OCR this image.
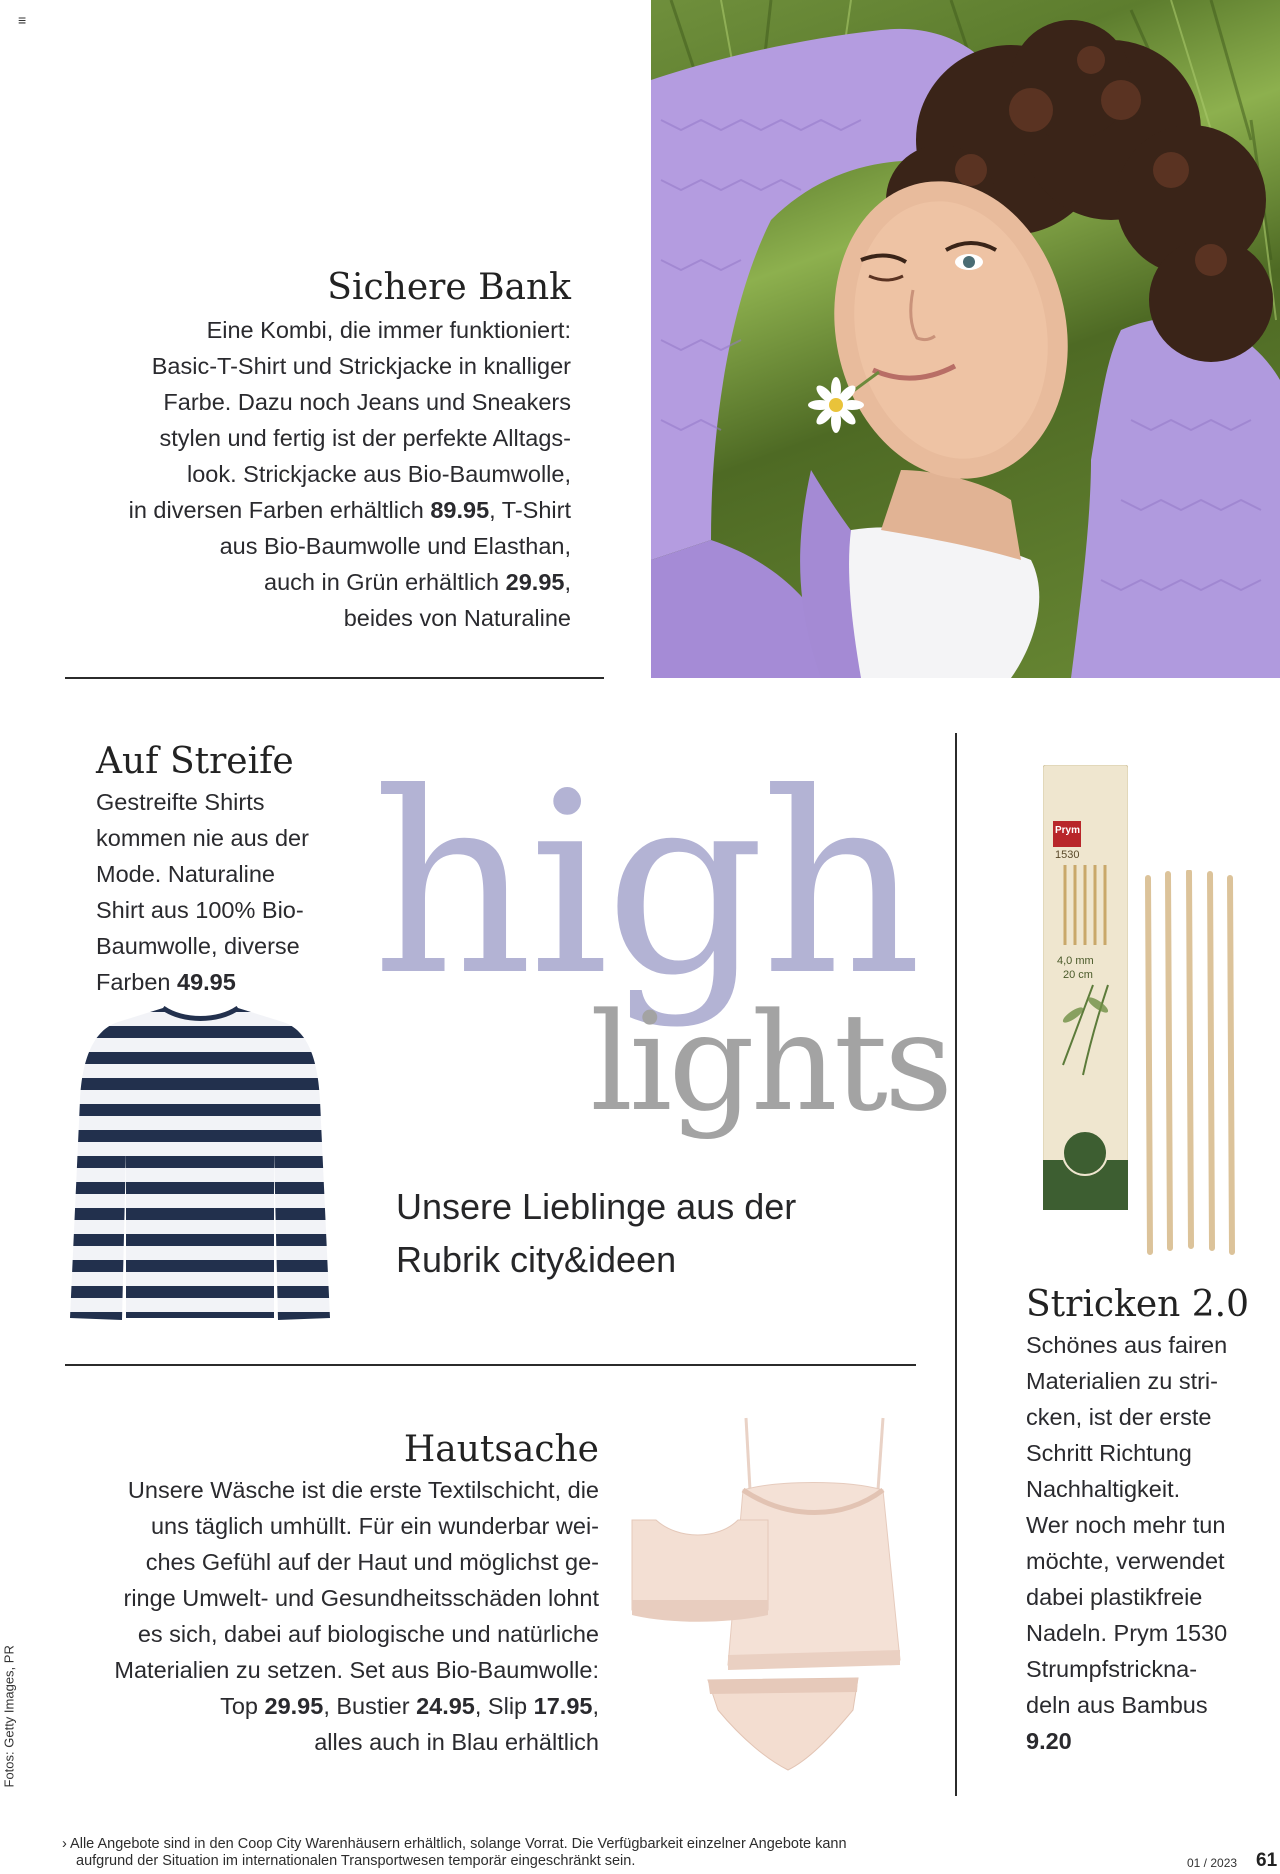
≡
Sichere Bank

Eine Kombi, die immer funktioniert:
Basic-T-Shirt und Strickjacke in knalliger
Farbe. Dazu noch Jeans und Sneakers
stylen und fertig ist der perfekte Alltags-
look. Strickjacke aus Bio-Baumwolle,
in diversen Farben erhältlich 89.95, T-Shirt
aus Bio-Baumwolle und Elasthan,
auch in Grün erhältlich 29.95,
beides von Naturaline

Auf Streife

Gestreifte Shirts
kommen nie aus der
Mode. Naturaline
Shirt aus 100% Bio-
Baumwolle, diverse
Farben 49.95 high
lights
Unsere Lieblinge aus der
Rubrik city&ideen
Prym
1530
4,0 mm
20 cm
Stricken 2.0

Schönes aus fairen
Materialien zu stri-
cken, ist der erste
Schritt Richtung
Nachhaltigkeit.
Wer noch mehr tun
möchte, verwendet
dabei plastikfreie
Nadeln. Prym 1530
Strumpfstrickna-
deln aus Bambus
9.20

Hautsache

Unsere Wäsche ist die erste Textilschicht, die
uns täglich umhüllt. Für ein wunderbar wei-
ches Gefühl auf der Haut und möglichst ge-
ringe Umwelt- und Gesundheitsschäden lohnt
es sich, dabei auf biologische und natürliche
Materialien zu setzen. Set aus Bio-Baumwolle:
Top 29.95, Bustier 24.95, Slip 17.95,
alles auch in Blau erhältlich

Fotos: Getty Images, PR
› Alle Angebote sind in den Coop City Warenhäusern erhältlich, solange Vorrat. Die Verfügbarkeit einzelner Angebote kann
aufgrund der Situation im internationalen Transportwesen temporär eingeschränkt sein.	01 / 2023 61
